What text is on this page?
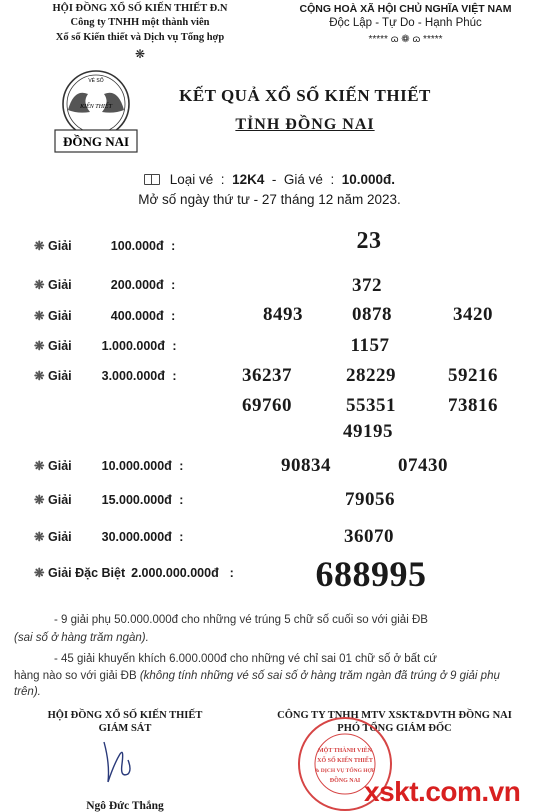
HỘI ĐỒNG XỔ SỐ KIẾN THIẾT Đ.N
Công ty TNHH một thành viên
Xổ số Kiến thiết và Dịch vụ Tổng hợp
❋
CỘNG HOÀ XÃ HỘI CHỦ NGHĨA VIỆT NAM
Độc Lập - Tự Do - Hạnh Phúc
***** ɷ ❁ ɷ *****
VÉ SỐ
KIẾN THIẾT
ĐỒNG NAI
KẾT QUẢ XỔ SỐ KIẾN THIẾT
TỈNH ĐỒNG NAI
Loại vé  :  12K4  -  Giá vé  :  10.000đ.
Mở số ngày thứ tư - 27 tháng 12 năm 2023.
❋ Giải	100.000đ :	23
❋ Giải	200.000đ :	372
❋ Giải	400.000đ :	8493	0878	3420
❋ Giải 1.000.000đ :	1157
❋ Giải 3.000.000đ :	36237	28229	59216
69760	55351	73816
49195
❋ Giải 10.000.000đ :	90834	07430
❋ Giải 15.000.000đ :	79056
❋ Giải 30.000.000đ :	36070
❋ Giải Đặc Biệt 2.000.000.000đ  : 688995
- 9 giải phụ 50.000.000đ cho những vé trúng 5 chữ số cuối so với giải ĐB
(sai số ở hàng trăm ngàn).
- 45 giải khuyến khích 6.000.000đ cho những vé chỉ sai 01 chữ số ở bất cứ
hàng nào so với giải ĐB (không tính những vé số sai số ở hàng trăm ngàn đã trúng ở 9 giải phụ trên).
HỘI ĐỒNG XỔ SỐ KIẾN THIẾT
GIÁM SÁT
Ngô Đức Thắng
CÔNG TY TNHH MTV XSKT&DVTH ĐỒNG NAI
PHÓ TỔNG GIÁM ĐỐC
MỘT THÀNH VIÊN
XỔ SỐ KIẾN THIẾT
& DỊCH VỤ TỔNG HỢP
ĐỒNG NAI xskt.com.vn
